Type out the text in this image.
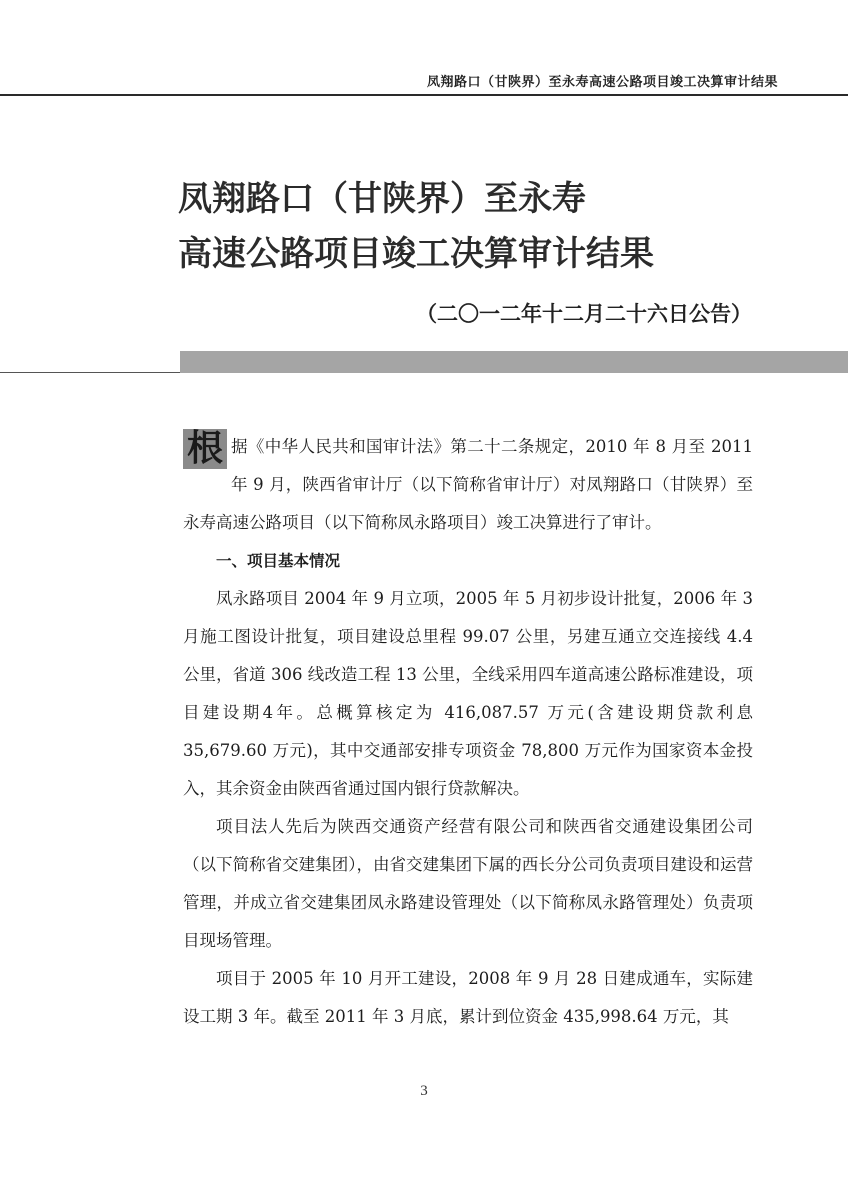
凤翔路口（甘陕界）至永寿高速公路项目竣工决算审计结果
凤翔路口（甘陕界）至永寿
高速公路项目竣工决算审计结果
（二〇一二年十二月二十六日公告）

根 据《中华人民共和国审计法》第二十二条规定，2010 年 8 月至 2011 年 9 月，陕西省审计厅（以下简称省审计厅）对凤翔路口（甘陕界）至永寿高速公路项目（以下简称凤永路项目）竣工决算进行了审计。

一、项目基本情况

凤永路项目 2004 年 9 月立项，2005 年 5 月初步设计批复，2006 年 3 月施工图设计批复，项目建设总里程 99.07 公里，另建互通立交连接线 4.4 公里，省道 306 线改造工程 13 公里，全线采用四车道高速公路标准建设，项目建设期4年。总概算核定为 416,087.57 万元(含建设期贷款利息 35,679.60 万元)，其中交通部安排专项资金 78,800 万元作为国家资本金投入，其余资金由陕西省通过国内银行贷款解决。

项目法人先后为陕西交通资产经营有限公司和陕西省交通建设集团公司（以下简称省交建集团），由省交建集团下属的西长分公司负责项目建设和运营管理，并成立省交建集团凤永路建设管理处（以下简称凤永路管理处）负责项目现场管理。

项目于 2005 年 10 月开工建设，2008 年 9 月 28 日建成通车，实际建设工期 3 年。截至 2011 年 3 月底，累计到位资金 435,998.64 万元，其

3
